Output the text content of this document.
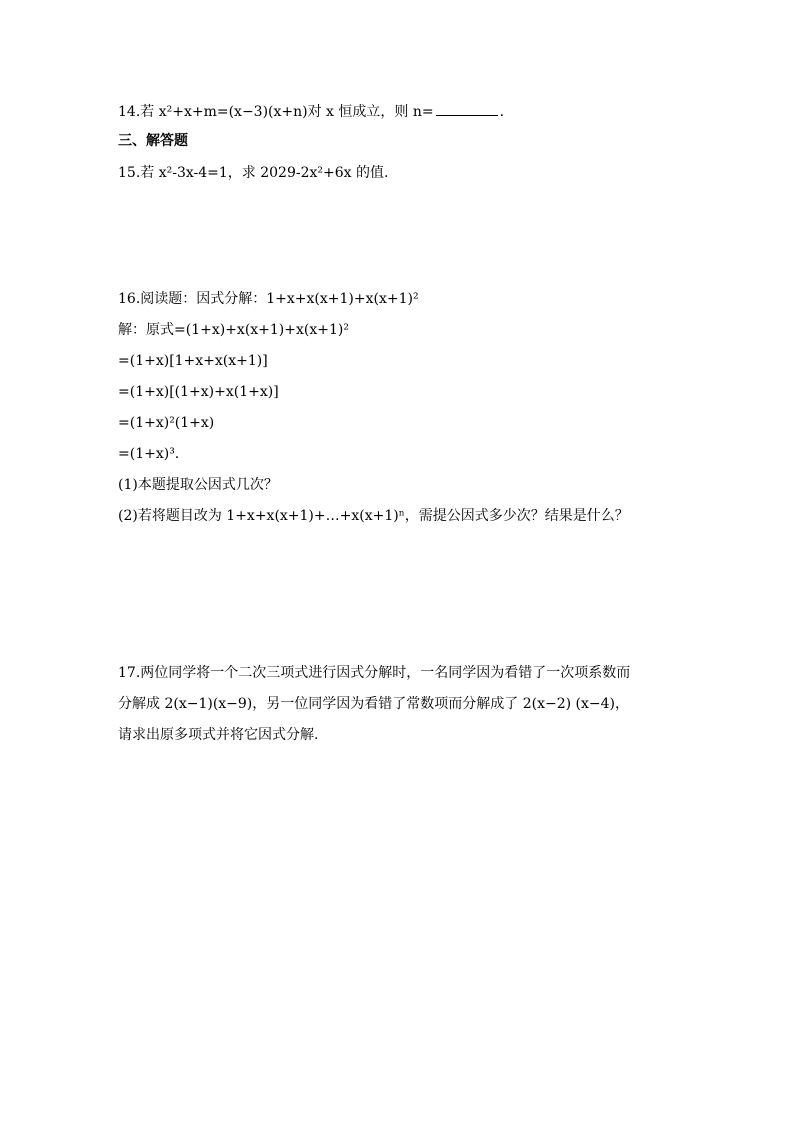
14.若 x²+x+m=(x−3)(x+n)对 x 恒成立，则 n=	.
三、解答题
15.若 x²-3x-4=1，求 2029-2x²+6x 的值.
16.阅读题：因式分解：1+x+x(x+1)+x(x+1)²
解：原式=(1+x)+x(x+1)+x(x+1)²
=(1+x)[1+x+x(x+1)]
=(1+x)[(1+x)+x(1+x)]
=(1+x)²(1+x)
=(1+x)³.
(1)本题提取公因式几次？
(2)若将题目改为 1+x+x(x+1)+…+x(x+1)ⁿ，需提公因式多少次？结果是什么？
17.两位同学将一个二次三项式进行因式分解时，一名同学因为看错了一次项系数而
分解成 2(x−1)(x−9)，另一位同学因为看错了常数项而分解成了 2(x−2) (x−4)，
请求出原多项式并将它因式分解.
